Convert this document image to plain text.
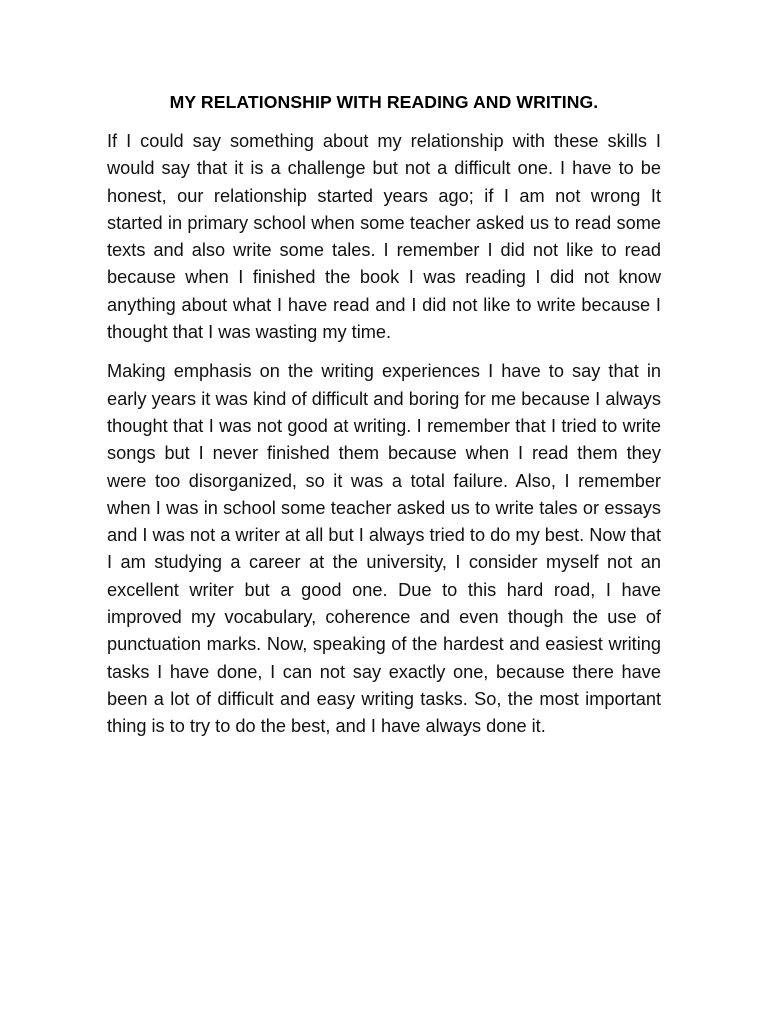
MY RELATIONSHIP WITH READING AND WRITING.

If I could say something about my relationship with these skills I would say that it is a challenge but not a difficult one. I have to be honest, our relationship started years ago; if I am not wrong It started in primary school when some teacher asked us to read some texts and also write some tales. I remember I did not like to read because when I finished the book I was reading I did not know anything about what I have read and I did not like to write because I thought that I was wasting my time.

Making emphasis on the writing experiences I have to say that in early years it was kind of difficult and boring for me because I always thought that I was not good at writing. I remember that I tried to write songs but I never finished them because when I read them they were too disorganized, so it was a total failure. Also, I remember when I was in school some teacher asked us to write tales or essays and I was not a writer at all but I always tried to do my best. Now that I am studying a career at the university, I consider myself not an excellent writer but a good one. Due to this hard road, I have improved my vocabulary, coherence and even though the use of punctuation marks. Now, speaking of the hardest and easiest writing tasks I have done, I can not say exactly one, because there have been a lot of difficult and easy writing tasks. So, the most important thing is to try to do the best, and I have always done it.
